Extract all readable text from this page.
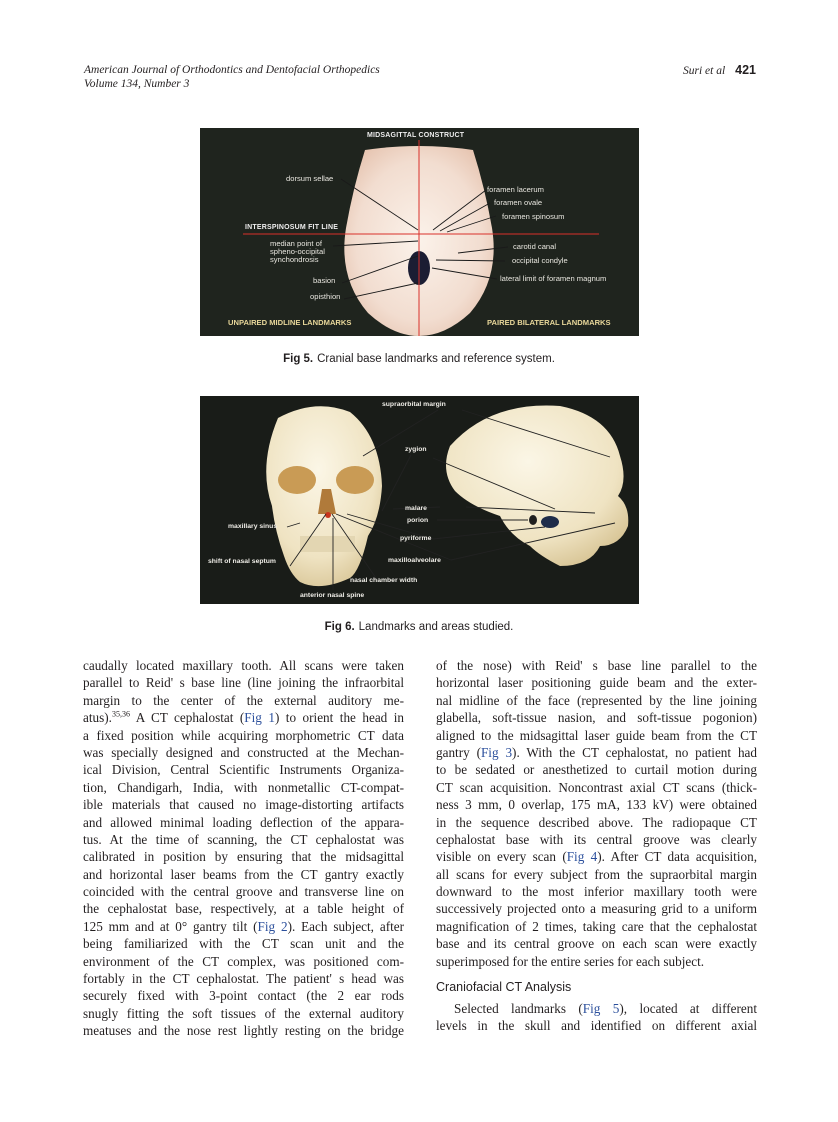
American Journal of Orthodontics and Dentofacial Orthopedics
Volume 134, Number 3
Suri et al 421
MIDSAGITTAL CONSTRUCT
dorsum sellae
foramen lacerum
foramen ovale
foramen spinosum
INTERSPINOSUM FIT LINE
median point of
spheno-occipital
synchondrosis
carotid canal
occipital condyle
basion	lateral limit of foramen magnum
opisthion
UNPAIRED MIDLINE LANDMARKS	PAIRED BILATERAL LANDMARKS
Fig 5. Cranial base landmarks and reference system.
supraorbital margin
zygion
malare
porion
maxillary sinus
pyriforme
shift of nasal septum	maxilloalveolare
nasal chamber width
anterior nasal spine
Fig 6. Landmarks and areas studied.
caudally located maxillary tooth. All scans were taken
parallel to Reid' s base line (line joining the infraorbital
margin to the center of the external auditory me-
atus).$^{35,36}$ A CT cephalostat (Fig 1) to orient the head in
a fixed position while acquiring morphometric CT data
was specially designed and constructed at the Mechan-
ical Division, Central Scientific Instruments Organiza-
tion, Chandigarh, India, with nonmetallic CT-compat-
ible materials that caused no image-distorting artifacts
and allowed minimal loading deflection of the appara-
tus. At the time of scanning, the CT cephalostat was
calibrated in position by ensuring that the midsagittal
and horizontal laser beams from the CT gantry exactly
coincided with the central groove and transverse line on
the cephalostat base, respectively, at a table height of
125 mm and at 0° gantry tilt (Fig 2). Each subject, after
being familiarized with the CT scan unit and the
environment of the CT complex, was positioned com-
fortably in the CT cephalostat. The patient' s head was
securely fixed with 3-point contact (the 2 ear rods
snugly fitting the soft tissues of the external auditory
meatuses and the nose rest lightly resting on the bridge
of the nose) with Reid' s base line parallel to the
horizontal laser positioning guide beam and the exter-
nal midline of the face (represented by the line joining
glabella, soft-tissue nasion, and soft-tissue pogonion)
aligned to the midsagittal laser guide beam from the CT
gantry (Fig 3). With the CT cephalostat, no patient had
to be sedated or anesthetized to curtail motion during
CT scan acquisition. Noncontrast axial CT scans (thick-
ness 3 mm, 0 overlap, 175 mA, 133 kV) were obtained
in the sequence described above. The radiopaque CT
cephalostat base with its central groove was clearly
visible on every scan (Fig 4). After CT data acquisition,
all scans for every subject from the supraorbital margin
downward to the most inferior maxillary tooth were
successively projected onto a measuring grid to a uniform
magnification of 2 times, taking care that the cephalostat
base and its central groove on each scan were exactly
superimposed for the entire series for each subject.
Craniofacial CT Analysis
Selected landmarks (Fig 5), located at different
levels in the skull and identified on different axial
